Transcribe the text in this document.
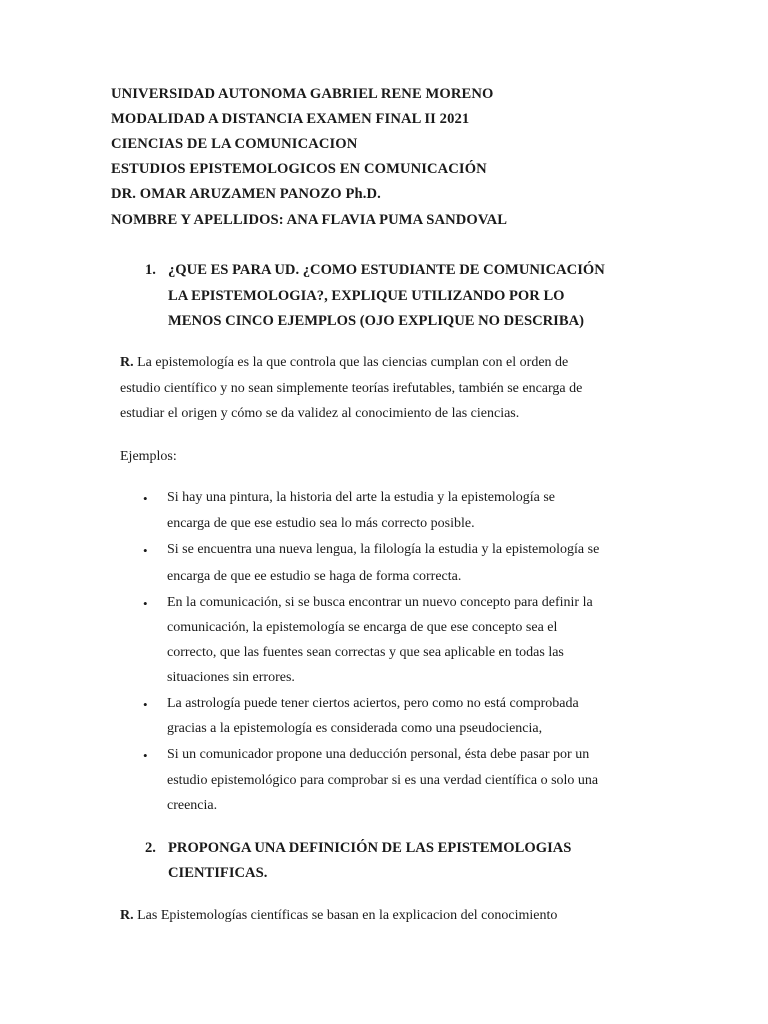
UNIVERSIDAD AUTONOMA GABRIEL RENE MORENO
MODALIDAD A DISTANCIA EXAMEN FINAL II 2021
CIENCIAS DE LA COMUNICACION
ESTUDIOS EPISTEMOLOGICOS EN COMUNICACIÓN
DR. OMAR ARUZAMEN PANOZO Ph.D.
NOMBRE Y APELLIDOS: ANA FLAVIA PUMA SANDOVAL
1. ¿QUE ES PARA UD. ¿COMO ESTUDIANTE DE COMUNICACIÓN
LA EPISTEMOLOGIA?, EXPLIQUE UTILIZANDO POR LO
MENOS CINCO EJEMPLOS (OJO EXPLIQUE NO DESCRIBA)
R. La epistemología es la que controla que las ciencias cumplan con el orden de
estudio científico y no sean simplemente teorías irefutables, también se encarga de
estudiar el origen y cómo se da validez al conocimiento de las ciencias.
Ejemplos:
• Si hay una pintura, la historia del arte la estudia y la epistemología se
encarga de que ese estudio sea lo más correcto posible.
• Si se encuentra una nueva lengua, la filología la estudia y la epistemología se
encarga de que ee estudio se haga de forma correcta.
• En la comunicación, si se busca encontrar un nuevo concepto para definir la
comunicación, la epistemología se encarga de que ese concepto sea el
correcto, que las fuentes sean correctas y que sea aplicable en todas las
situaciones sin errores.
• La astrología puede tener ciertos aciertos, pero como no está comprobada
gracias a la epistemología es considerada como una pseudociencia,
• Si un comunicador propone una deducción personal, ésta debe pasar por un
estudio epistemológico para comprobar si es una verdad científica o solo una
creencia.
2. PROPONGA UNA DEFINICIÓN DE LAS EPISTEMOLOGIAS
CIENTIFICAS.
R. Las Epistemologías científicas se basan en la explicacion del conocimiento
